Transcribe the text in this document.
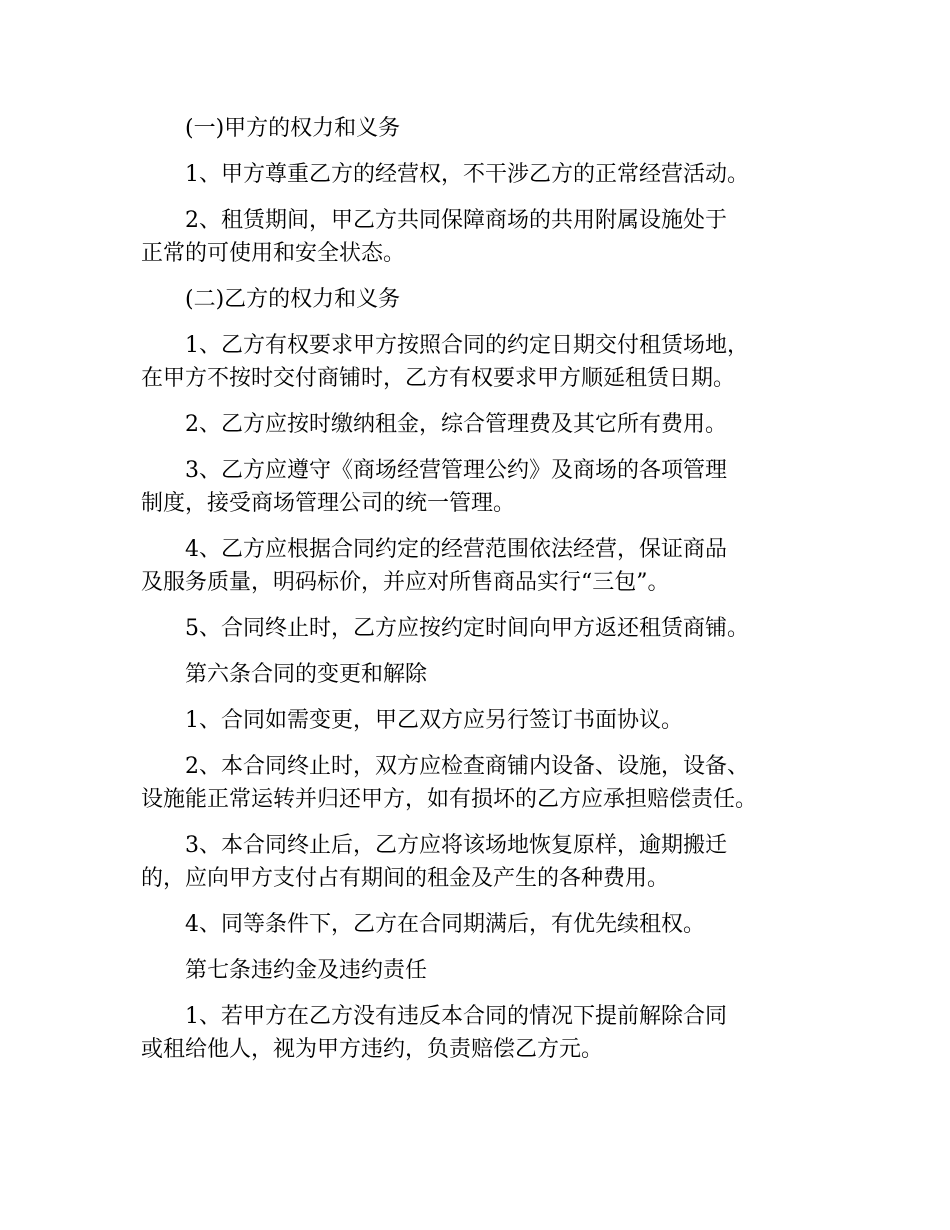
(一)甲方的权力和义务

1、甲方尊重乙方的经营权，不干涉乙方的正常经营活动。

2、租赁期间，甲乙方共同保障商场的共用附属设施处于
正常的可使用和安全状态。

(二)乙方的权力和义务

1、乙方有权要求甲方按照合同的约定日期交付租赁场地，
在甲方不按时交付商铺时，乙方有权要求甲方顺延租赁日期。

2、乙方应按时缴纳租金，综合管理费及其它所有费用。

3、乙方应遵守《商场经营管理公约》及商场的各项管理
制度，接受商场管理公司的统一管理。

4、乙方应根据合同约定的经营范围依法经营，保证商品
及服务质量，明码标价，并应对所售商品实行“三包”。

5、合同终止时，乙方应按约定时间向甲方返还租赁商铺。

第六条合同的变更和解除

1、合同如需变更，甲乙双方应另行签订书面协议。

2、本合同终止时，双方应检查商铺内设备、设施，设备、
设施能正常运转并归还甲方，如有损坏的乙方应承担赔偿责任。

3、本合同终止后，乙方应将该场地恢复原样，逾期搬迁
的，应向甲方支付占有期间的租金及产生的各种费用。

4、同等条件下，乙方在合同期满后，有优先续租权。

第七条违约金及违约责任

1、若甲方在乙方没有违反本合同的情况下提前解除合同
或租给他人，视为甲方违约，负责赔偿乙方元。
